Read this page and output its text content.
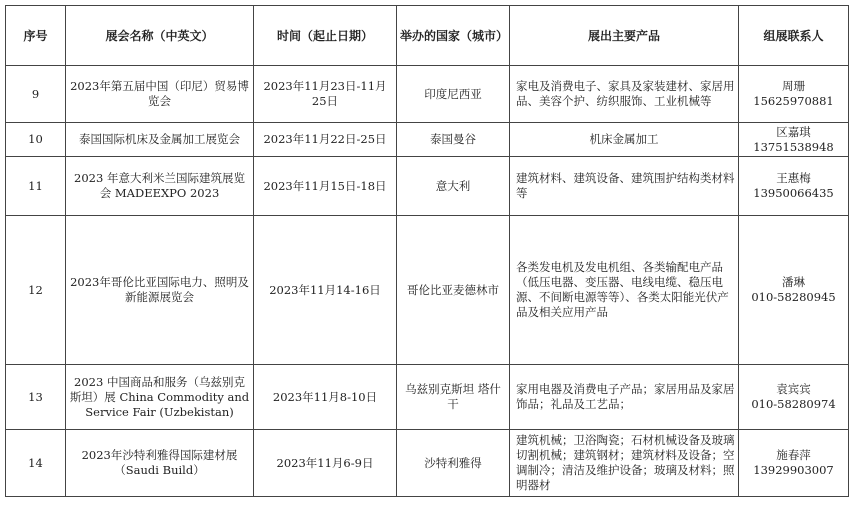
序号	展会名称（中英文）	时间（起止日期）	举办的国家（城市）	展出主要产品	组展联系人
9	2023年第五届中国（印尼）贸易博览会	2023年11月23日-11月25日	印度尼西亚	家电及消费电子、家具及家装建材、家居用品、美容个护、纺织服饰、工业机械等	周珊
15625970881

10	泰国国际机床及金属加工展览会	2023年11月22日-25日	泰国曼谷	机床金属加工	区嘉琪
13751538948

11	2023 年意大利米兰国际建筑展览会 MADEEXPO 2023	2023年11月15日-18日	意大利	建筑材料、建筑设备、建筑围护结构类材料等	王惠梅
13950066435

12	2023年哥伦比亚国际电力、照明及新能源展览会	2023年11月14-16日	哥伦比亚麦德林市	各类发电机及发电机组、各类输配电产品（低压电器、变压器、电线电缆、稳压电源、不间断电源等等）、各类太阳能光伏产品及相关应用产品	潘琳
010-58280945

13	2023 中国商品和服务（乌兹别克斯坦）展 China Commodity and Service Fair (Uzbekistan)	2023年11月8-10日	乌兹别克斯坦 塔什干	家用电器及消费电子产品；家居用品及家居饰品；礼品及工艺品；	袁宾宾
010-58280974

14	2023年沙特利雅得国际建材展（Saudi Build）	2023年11月6-9日	沙特利雅得	建筑机械；卫浴陶瓷；石材机械设备及玻璃切割机械；建筑钢材；建筑材料及设备；空调制冷；清洁及维护设备；玻璃及材料；照明器材	施春萍
13929903007
